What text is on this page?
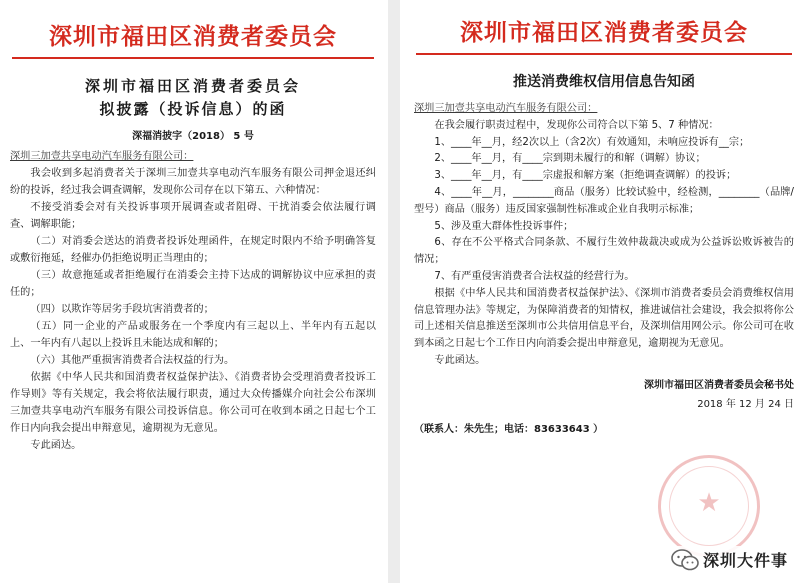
深圳市福田区消费者委员会
深圳市福田区消费者委员会
拟披露（投诉信息）的函
深福消披字（2018） 5 号

深圳三加壹共享电动汽车服务有限公司：

我会收到多起消费者关于深圳三加壹共享电动汽车服务有限公司押金退还纠纷的投诉，经过我会调查调解，发现你公司存在以下第五、六种情况：

不接受消委会对有关投诉事项开展调查或者阻碍、干扰消委会依法履行调查、调解职能；

（二）对消委会送达的消费者投诉处理函件，在规定时限内不给予明确答复或敷衍拖延，经催办仍拒绝说明正当理由的；

（三）故意拖延或者拒绝履行在消委会主持下达成的调解协议中应承担的责任的；

（四）以欺诈等居劣手段坑害消费者的；

（五）同一企业的产品或服务在一个季度内有三起以上、半年内有五起以上、一年内有八起以上投诉且未能达成和解的；

（六）其他严重损害消费者合法权益的行为。

依据《中华人民共和国消费者权益保护法》、《消费者协会受理消费者投诉工作导则》等有关规定，我会将依法履行职责，通过大众传播媒介向社会公布深圳三加壹共享电动汽车服务有限公司投诉信息。你公司可在收到本函之日起七个工作日内向我会提出申辩意见，逾期视为无意见。

专此函达。

深圳市福田区消费者委员会
推送消费维权信用信息告知函

深圳三加壹共享电动汽车服务有限公司：

在我会履行职责过程中，发现你公司符合以下第 5、7 种情况：

1、____年__月，经2次以上（含2次）有效通知，未响应投诉有__宗；

2、____年__月，有____宗到期未履行的和解（调解）协议；

3、____年__月，有____宗虚报和解方案（拒绝调查调解）的投诉；

4、____年__月，________商品（服务）比较试验中，经检测，________（品牌/型号）商品（服务）违反国家强制性标准或企业自我明示标准；

5、涉及重大群体性投诉事件；

6、存在不公平格式合同条款、不履行生效仲裁裁决或成为公益诉讼败诉被告的情况；

7、有严重侵害消费者合法权益的经营行为。

根据《中华人民共和国消费者权益保护法》、《深圳市消费者委员会消费维权信用信息管理办法》等规定，为保障消费者的知情权，推进诚信社会建设，我会拟将你公司上述相关信息推送至深圳市公共信用信息平台，及深圳信用网公示。你公司可在收到本函之日起七个工作日内向消委会提出申辩意见，逾期视为无意见。

专此函达。

深圳市福田区消费者委员会秘书处
2018 年 12 月 24 日
（联系人：朱先生；电话：83633643 ）
★
深圳大件事
